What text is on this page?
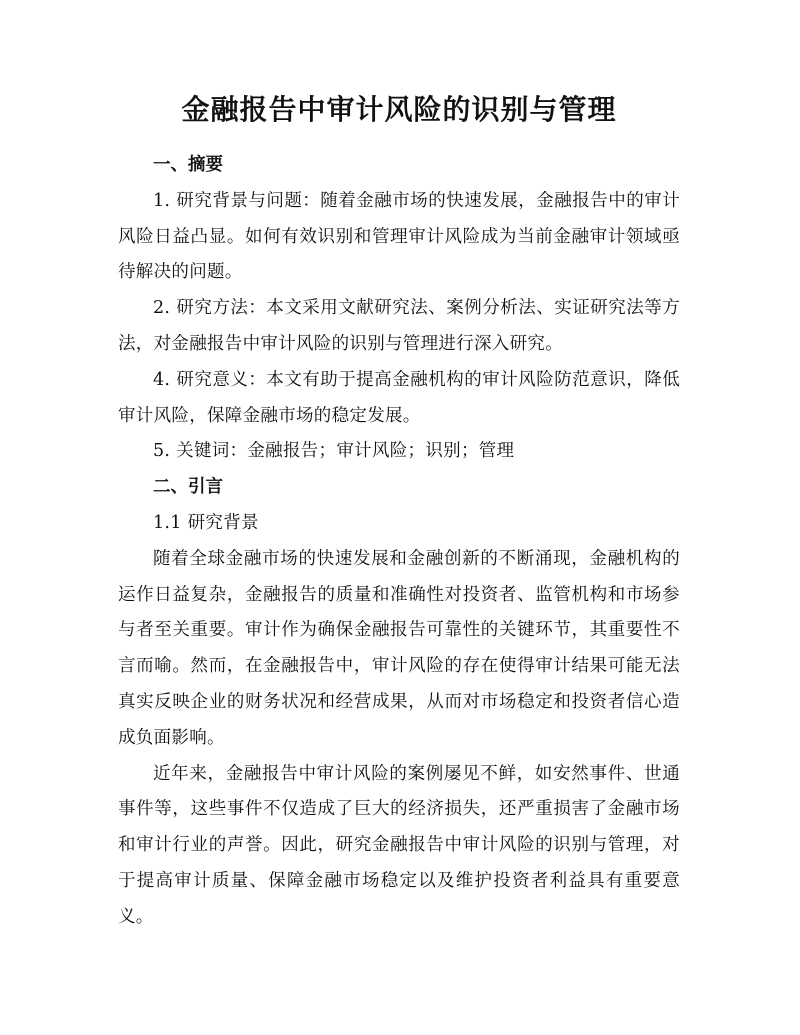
金融报告中审计风险的识别与管理
一、摘要

1. 研究背景与问题：随着金融市场的快速发展，金融报告中的审计风险日益凸显。如何有效识别和管理审计风险成为当前金融审计领域亟待解决的问题。

2. 研究方法：本文采用文献研究法、案例分析法、实证研究法等方法，对金融报告中审计风险的识别与管理进行深入研究。

4. 研究意义：本文有助于提高金融机构的审计风险防范意识，降低审计风险，保障金融市场的稳定发展。

5. 关键词：金融报告；审计风险；识别；管理

二、引言

1.1 研究背景

随着全球金融市场的快速发展和金融创新的不断涌现，金融机构的运作日益复杂，金融报告的质量和准确性对投资者、监管机构和市场参与者至关重要。审计作为确保金融报告可靠性的关键环节，其重要性不言而喻。然而，在金融报告中，审计风险的存在使得审计结果可能无法真实反映企业的财务状况和经营成果，从而对市场稳定和投资者信心造成负面影响。

近年来，金融报告中审计风险的案例屡见不鲜，如安然事件、世通事件等，这些事件不仅造成了巨大的经济损失，还严重损害了金融市场和审计行业的声誉。因此，研究金融报告中审计风险的识别与管理，对于提高审计质量、保障金融市场稳定以及维护投资者利益具有重要意义。
